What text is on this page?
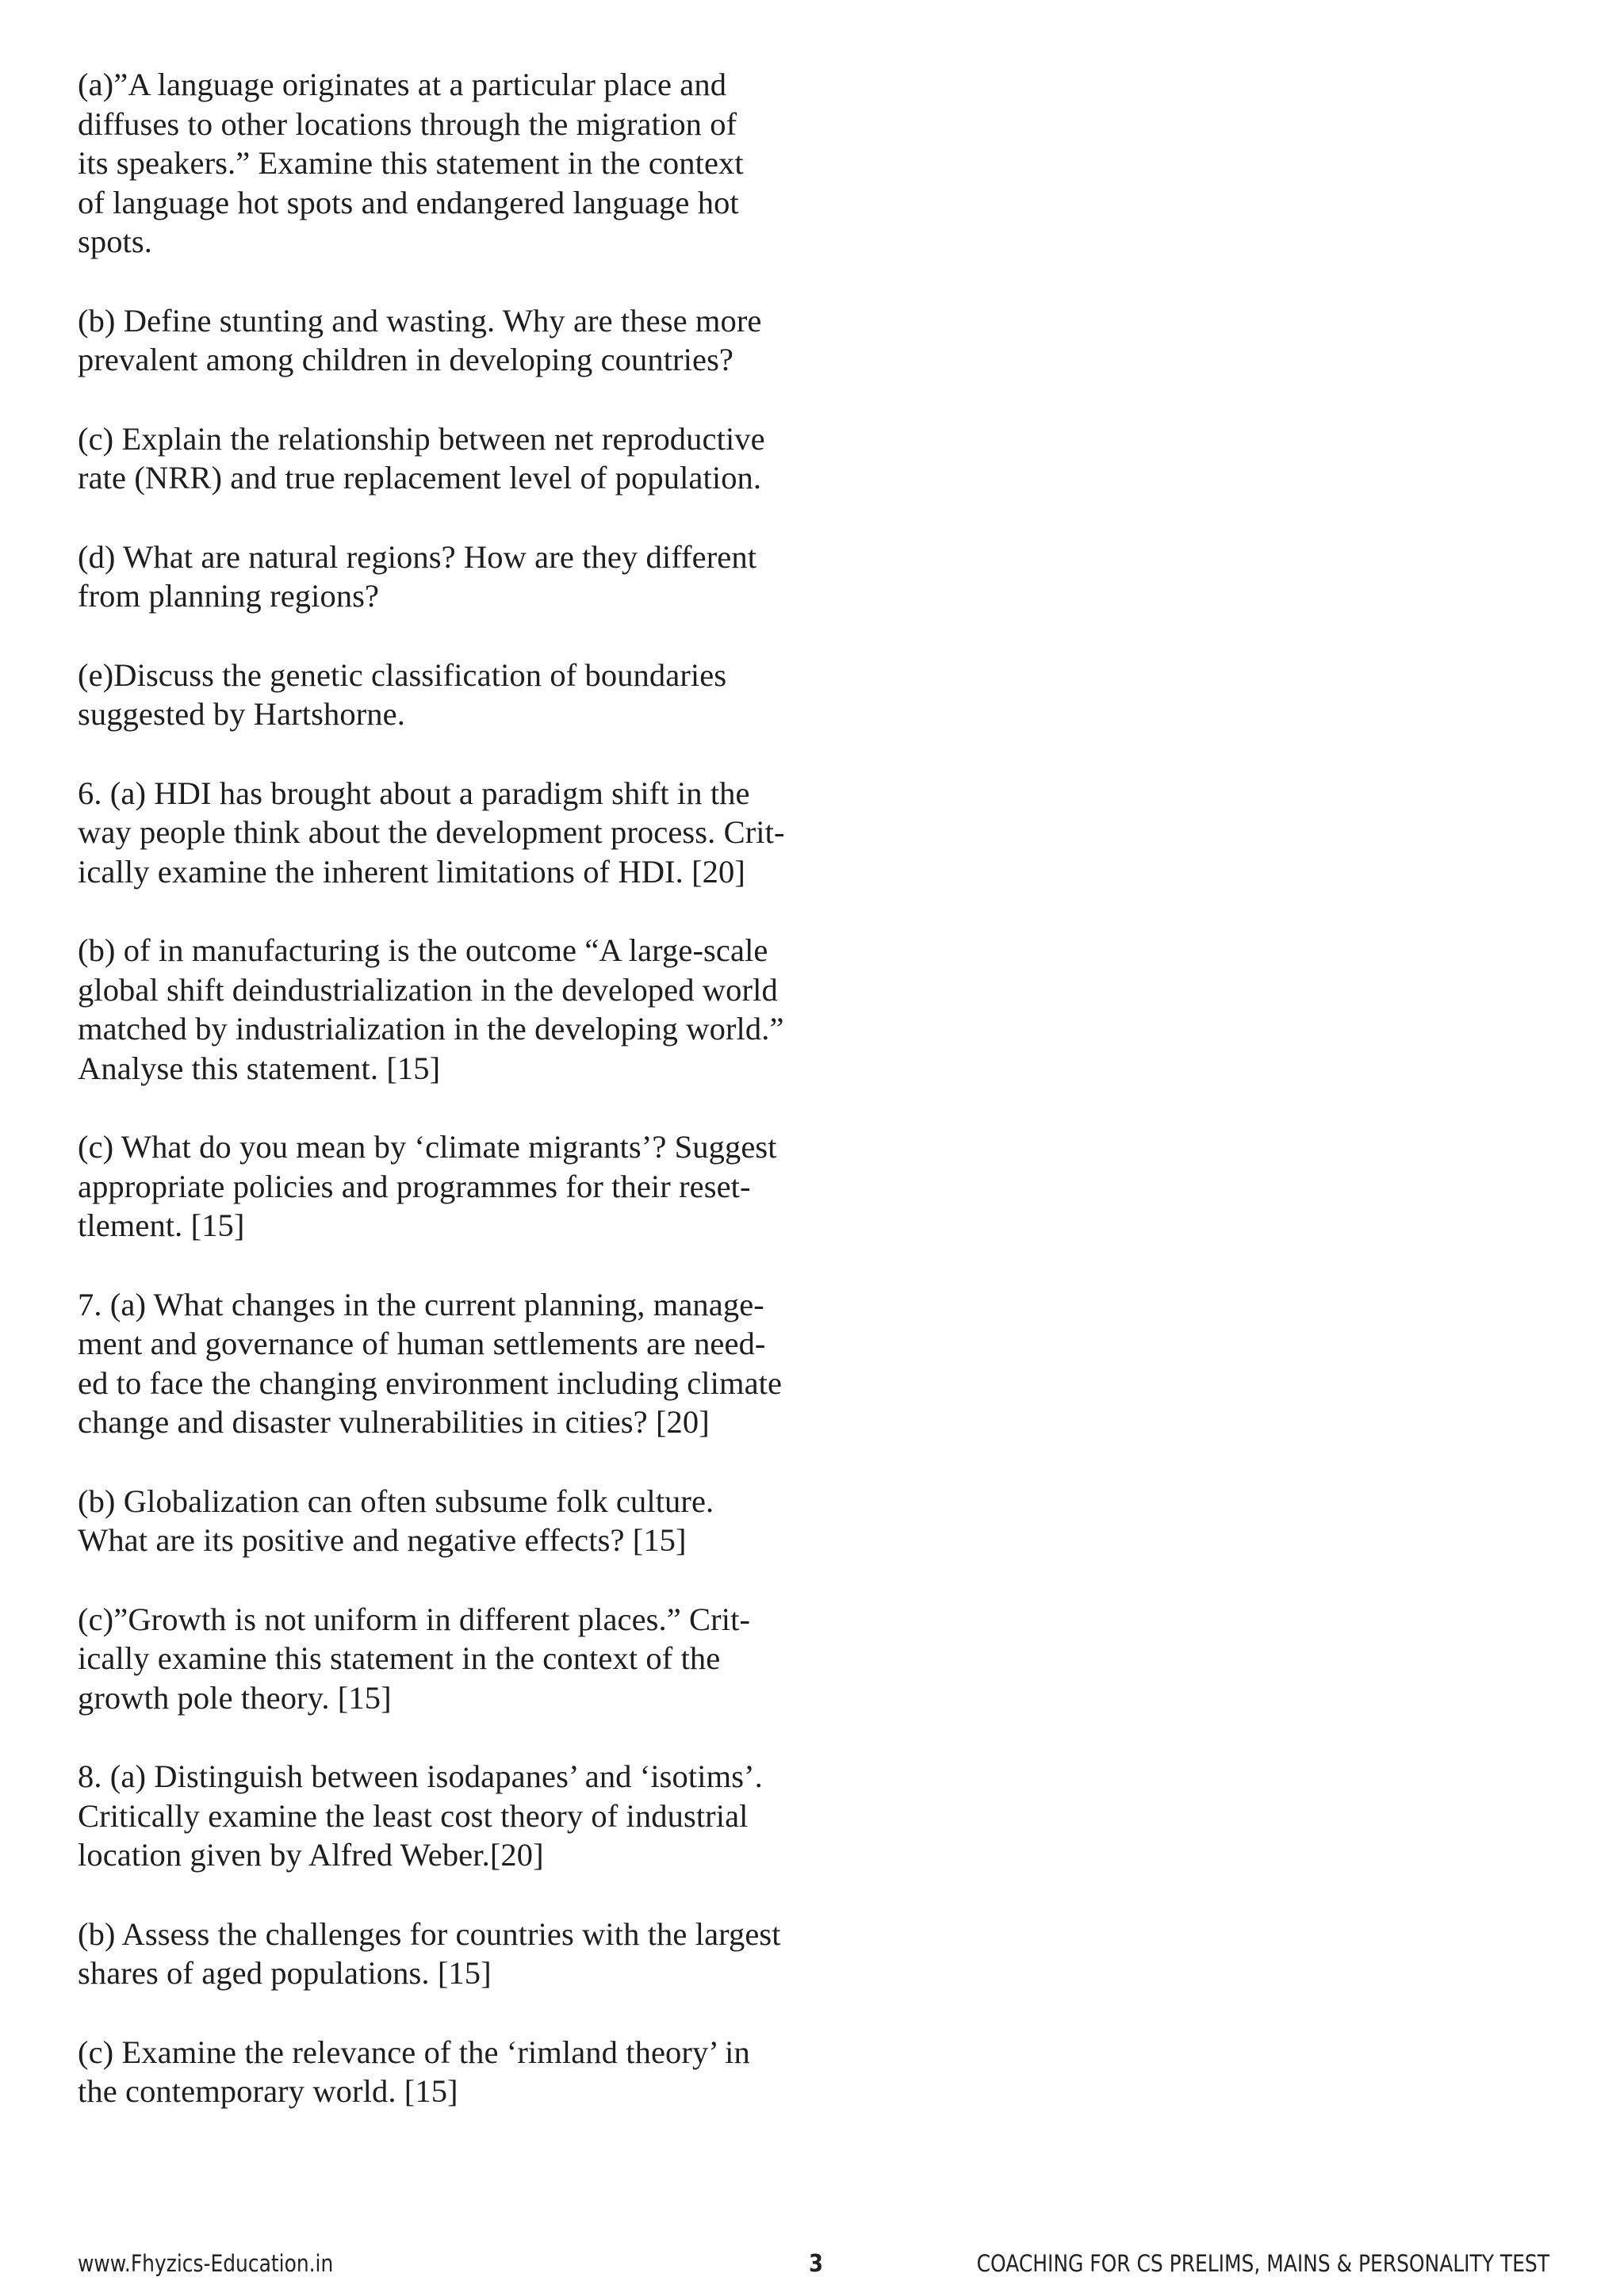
(a)”A language originates at a particular place and
diffuses to other locations through the migration of
its speakers.” Examine this statement in the context
of language hot spots and endangered language hot
spots.

(b) Define stunting and wasting. Why are these more
prevalent among children in developing countries?

(c) Explain the relationship between net reproductive
rate (NRR) and true replacement level of population.

(d) What are natural regions? How are they different
from planning regions?

(e)Discuss the genetic classification of boundaries
suggested by Hartshorne.

6. (a) HDI has brought about a paradigm shift in the
way people think about the development process. Crit-
ically examine the inherent limitations of HDI. [20]

(b) of in manufacturing is the outcome “A large-scale
global shift deindustrialization in the developed world
matched by industrialization in the developing world.”
Analyse this statement. [15]

(c) What do you mean by ‘climate migrants’? Suggest
appropriate policies and programmes for their reset-
tlement. [15]

7. (a) What changes in the current planning, manage-
ment and governance of human settlements are need-
ed to face the changing environment including climate
change and disaster vulnerabilities in cities? [20]

(b) Globalization can often subsume folk culture.
What are its positive and negative effects? [15]

(c)”Growth is not uniform in different places.” Crit-
ically examine this statement in the context of the
growth pole theory. [15]

8. (a) Distinguish between isodapanes’ and ‘isotims’.
Critically examine the least cost theory of industrial
location given by Alfred Weber.[20]

(b) Assess the challenges for countries with the largest
shares of aged populations. [15]

(c) Examine the relevance of the ‘rimland theory’ in
the contemporary world. [15]

www.Fhyzics-Education.in	3	COACHING FOR CS PRELIMS, MAINS & PERSONALITY TEST
